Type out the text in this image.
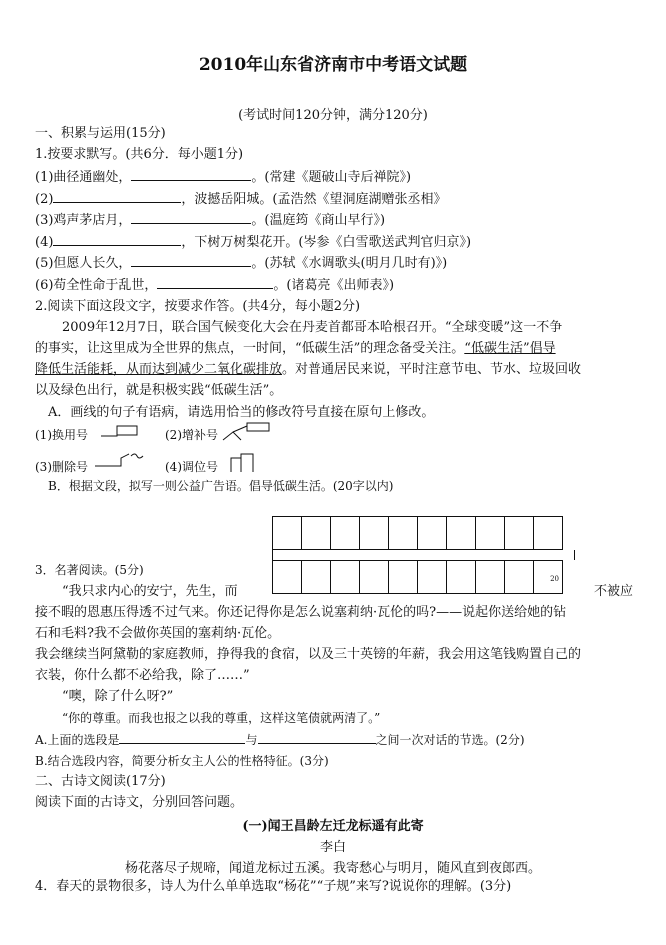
2010年山东省济南市中考语文试题
(考试时间120分钟，满分120分)
一、积累与运用(15分)
1.按要求默写。(共6分．每小题1分)
(1)曲径通幽处，	。(常建《题破山寺后禅院》)
(2)	，波撼岳阳城。(孟浩然《望洞庭湖赠张丞相》
(3)鸡声茅店月，	。(温庭筠《商山早行》)
(4)	，下树万树梨花开。(岑参《白雪歌送武判官归京》)
(5)但愿人长久，	。(苏轼《水调歌头(明月几时有)》)
(6)苟全性命于乱世，	。(诸葛亮《出师表》)
2.阅读下面这段文字，按要求作答。(共4分，每小题2分)
2009年12月7日，联合国气候变化大会在丹麦首都哥本哈根召开。“全球变暖”这一不争
的事实，让这里成为全世界的焦点，一时间，“低碳生活”的理念备受关注。“低碳生活”倡导
降低生活能耗，从而达到减少二氧化碳排放。对普通居民来说，平时注意节电、节水、垃圾回收
以及绿色出行，就是积极实践“低碳生活”。
A．画线的句子有语病，请选用恰当的修改符号直接在原句上修改。
(1)换用号	(2)增补号
(3)删除号	(4)调位号
B．根据文段，拟写一则公益广告语。倡导低碳生活。(20字以内)

20
3．名著阅读。(5分)
“我只求内心的安宁，先生，而	不被应
接不暇的恩惠压得透不过气来。你还记得你是怎么说塞莉纳·瓦伦的吗?——说起你送给她的钻
石和毛料?我不会做你英国的塞莉纳·瓦伦。
我会继续当阿黛勒的家庭教师，挣得我的食宿，以及三十英镑的年薪，我会用这笔钱购置自己的
衣装，你什么都不必给我，除了……”
“噢，除了什么呀?”
“你的尊重。而我也报之以我的尊重，这样这笔债就两清了。”
A.上面的选段是	与	之间一次对话的节选。(2分)
B.结合选段内容，简要分析女主人公的性格特征。(3分)
二、古诗文阅读(17分)
阅读下面的古诗文，分别回答问题。
(一)闻王昌龄左迁龙标遥有此寄
李白
杨花落尽子规啼，闻道龙标过五溪。我寄愁心与明月，随风直到夜郎西。
4．春天的景物很多，诗人为什么单单选取“杨花”“子规”来写?说说你的理解。(3分)
